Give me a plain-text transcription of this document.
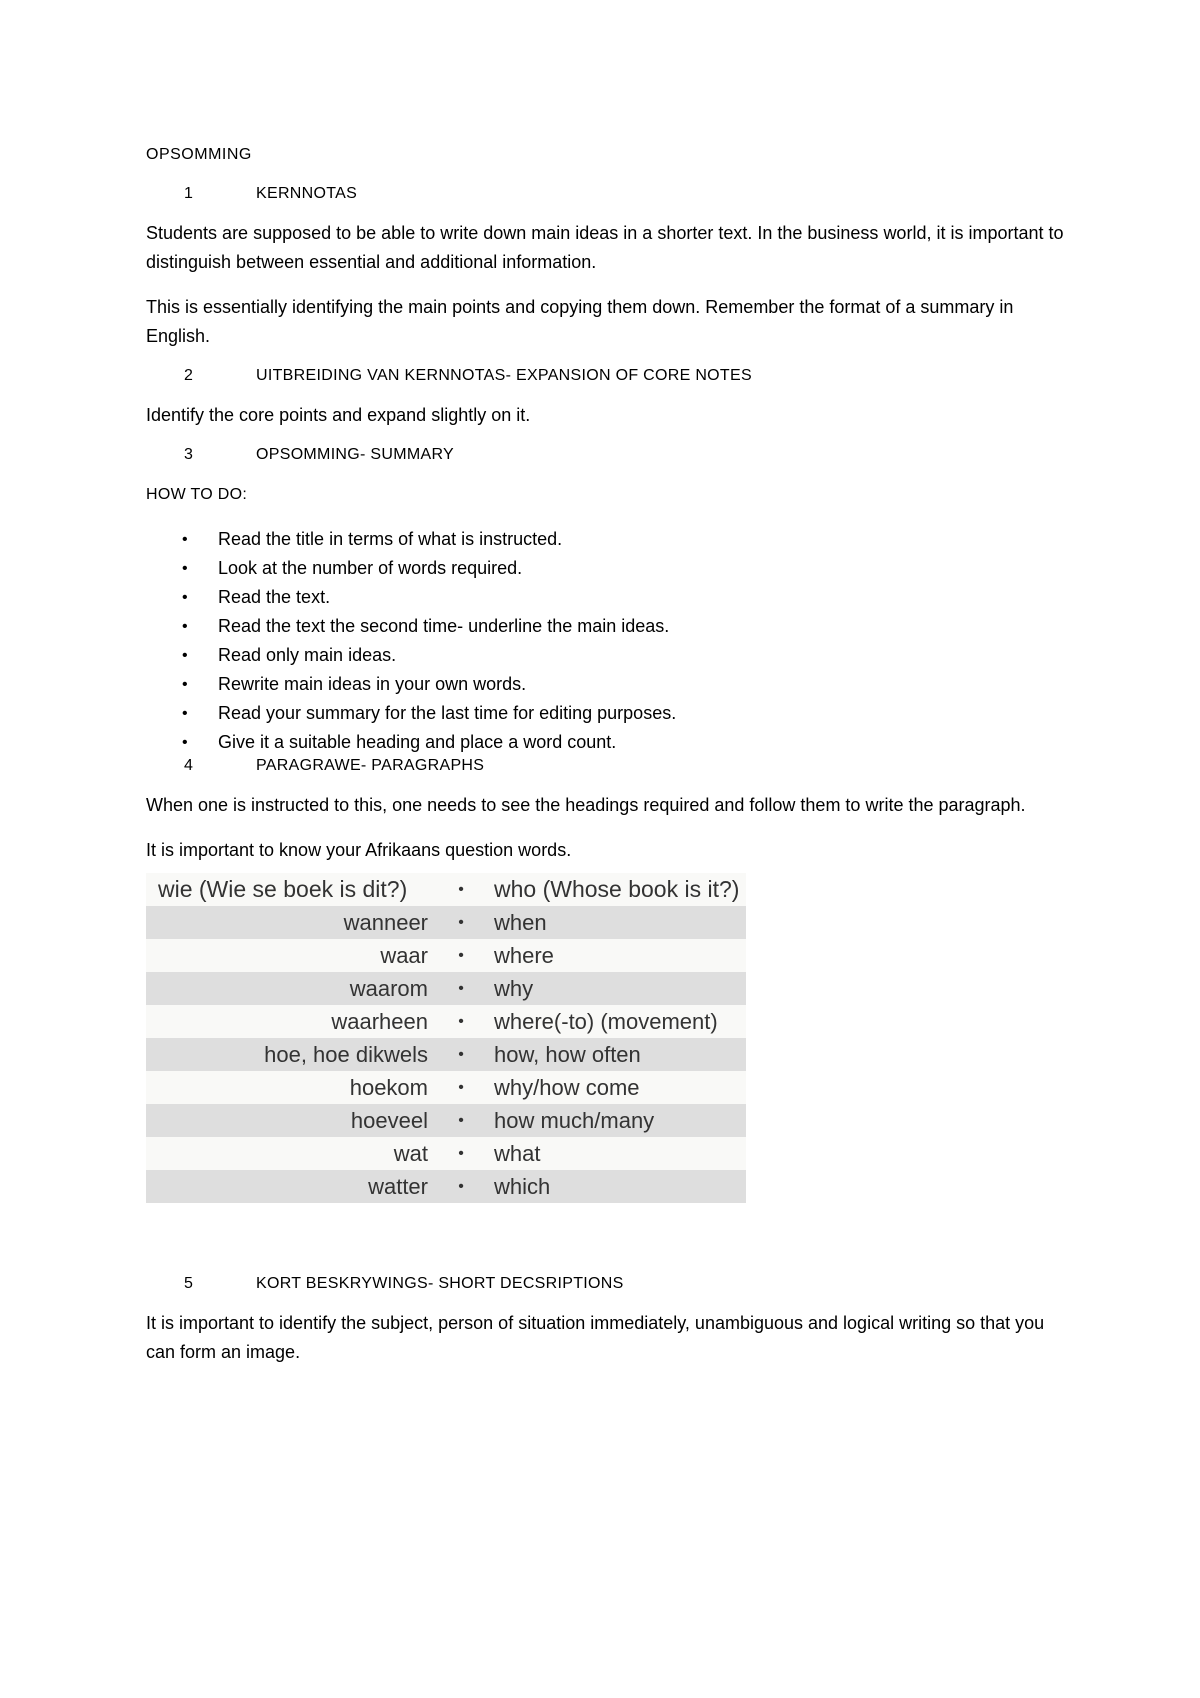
OPSOMMING

1	KERNNOTAS

Students are supposed to be able to write down main ideas in a shorter text. In the business world, it is important to distinguish between essential and additional information.

This is essentially identifying the main points and copying them down. Remember the format of a summary in English.

2	UITBREIDING VAN KERNNOTAS- EXPANSION OF CORE NOTES

Identify the core points and expand slightly on it.

3	OPSOMMING- SUMMARY

HOW TO DO:

•	Read the title in terms of what is instructed.
•	Look at the number of words required.
•	Read the text.
•	Read the text the second time- underline the main ideas.
•	Read only main ideas.
•	Rewrite main ideas in your own words.
•	Read your summary for the last time for editing purposes.
•	Give it a suitable heading and place a word count.
4	PARAGRAWE- PARAGRAPHS

When one is instructed to this, one needs to see the headings required and follow them to write the paragraph.

It is important to know your Afrikaans question words.

wie (Wie se boek is dit?)	•	who (Whose book is it?)
wanneer	•	when
waar	•	where
waarom	•	why
waarheen	•	where(-to) (movement)
hoe, hoe dikwels	•	how, how often
hoekom	•	why/how come
hoeveel	•	how much/many
wat	•	what
watter	•	which
5	KORT BESKRYWINGS- SHORT DECSRIPTIONS

It is important to identify the subject, person of situation immediately, unambiguous and logical writing so that you can form an image.
